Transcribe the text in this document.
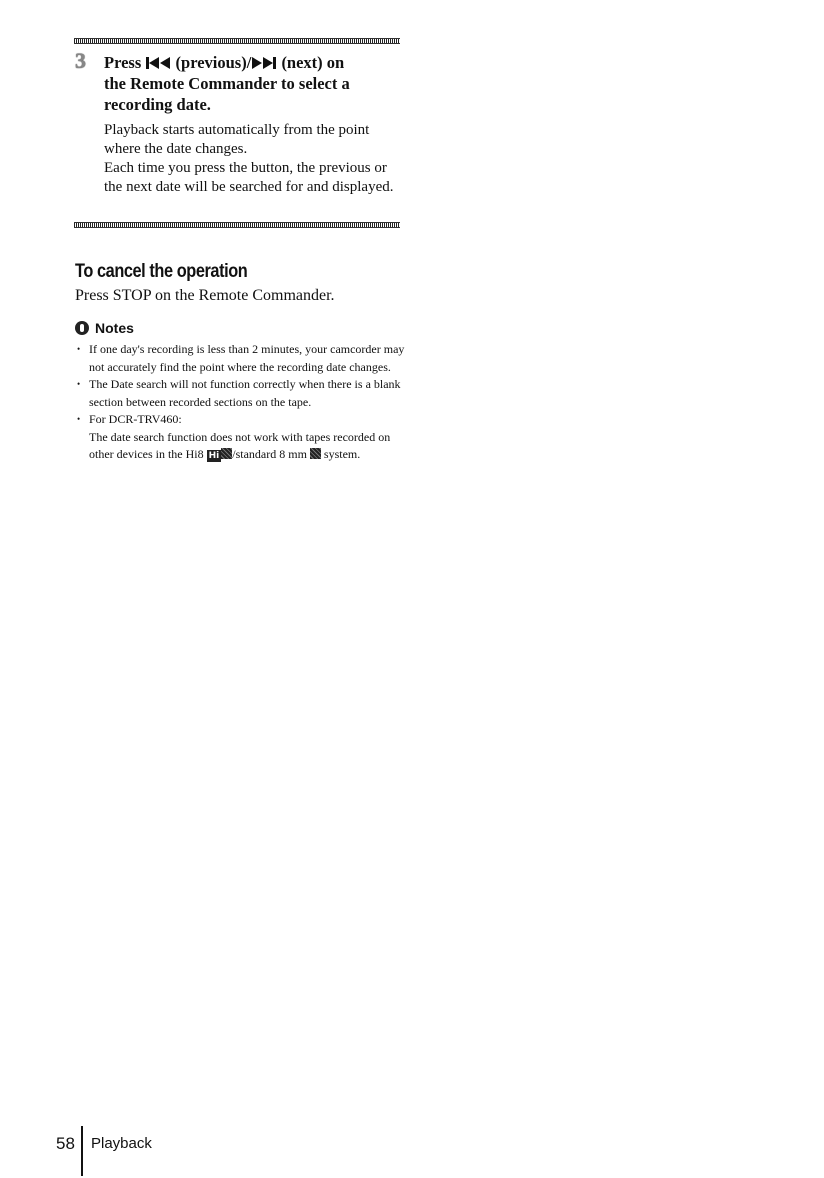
3	Press (previous)/ (next) on
the Remote Commander to select a
recording date.

Playback starts automatically from the point where the date changes.

Each time you press the button, the previous or the next date will be searched for and displayed.

To cancel the operation
Press STOP on the Remote Commander.
Notes
• If one day's recording is less than 2 minutes, your camcorder may not accurately find the point where the recording date changes.
• The Date search will not function correctly when there is a blank section between recorded sections on the tape.
• For DCR-TRV460:
The date search function does not work with tapes recorded on other devices in the Hi8 Hi /standard 8 mm system.
58 Playback
